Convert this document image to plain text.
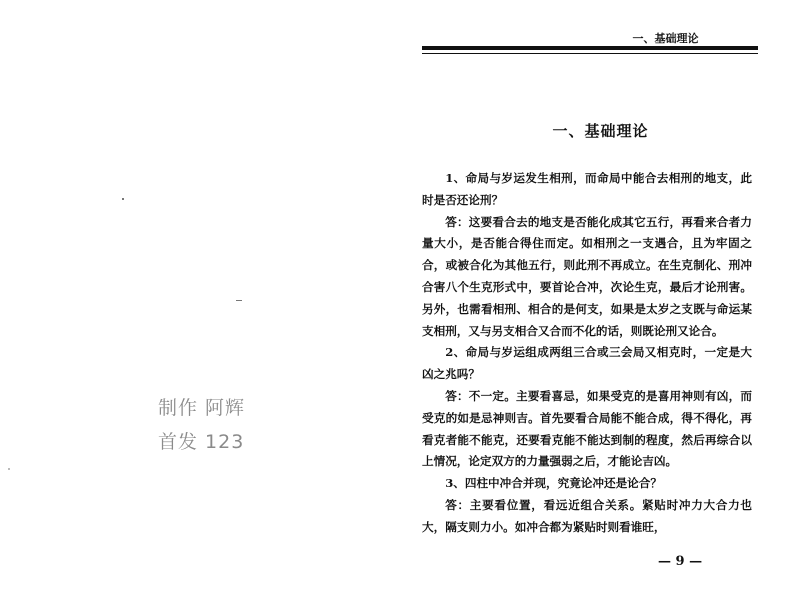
制作 阿辉
首发 123
一、基础理论
一、基础理论

1、命局与岁运发生相刑，而命局中能合去相刑的地支，此时是否还论刑？

答：这要看合去的地支是否能化成其它五行，再看来合者力量大小，是否能合得住而定。如相刑之一支遇合，且为牢固之合，或被合化为其他五行，则此刑不再成立。在生克制化、刑冲合害八个生克形式中，要首论合冲，次论生克，最后才论刑害。另外，也需看相刑、相合的是何支，如果是太岁之支既与命运某支相刑，又与另支相合又合而不化的话，则既论刑又论合。

2、命局与岁运组成两组三合或三会局又相克时，一定是大凶之兆吗？

答：不一定。主要看喜忌，如果受克的是喜用神则有凶，而受克的如是忌神则吉。首先要看合局能不能合成，得不得化，再看克者能不能克，还要看克能不能达到制的程度，然后再综合以上情况，论定双方的力量强弱之后，才能论吉凶。

3、四柱中冲合并现，究竟论冲还是论合？

答：主要看位置，看远近组合关系。紧贴时冲力大合力也大，隔支则力小。如冲合都为紧贴时则看谁旺，

— 9 —
